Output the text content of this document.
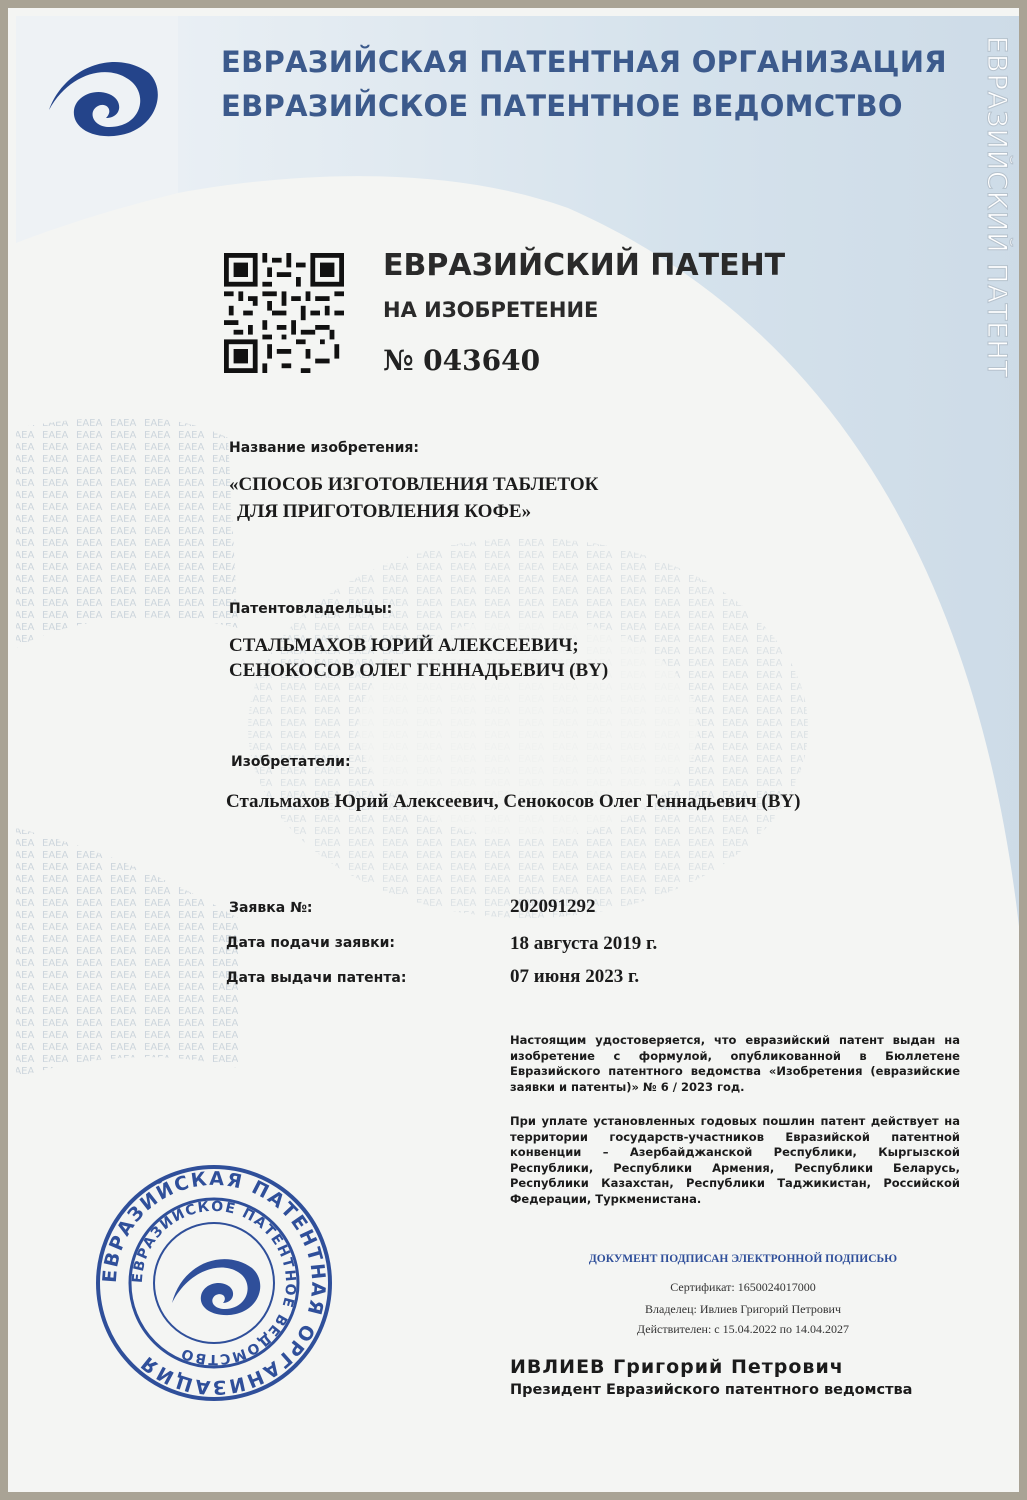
ЕВРАЗИЙСКАЯ ПАТЕНТНАЯ ОРГАНИЗАЦИЯ
ЕВРАЗИЙСКОЕ ПАТЕНТНОЕ ВЕДОМСТВО	ЕВРАЗИЙСКИЙ ПАТЕНТ
ЕВРАЗИЙСКИЙ ПАТЕНТ
НА ИЗОБРЕТЕНИЕ
№ 043640
Название изобретения:
«СПОСОБ ИЗГОТОВЛЕНИЯ ТАБЛЕТОК
ДЛЯ ПРИГОТОВЛЕНИЯ КОФЕ»
Патентовладельцы:
СТАЛЬМАХОВ ЮРИЙ АЛЕКСЕЕВИЧ;
СЕНОКОСОВ ОЛЕГ ГЕННАДЬЕВИЧ (BY)
Изобретатели:
Стальмахов Юрий Алексеевич, Сенокосов Олег Геннадьевич (BY)
Заявка №:	202091292
Дата подачи заявки:	18 августа 2019 г.
Дата выдачи патента:	07 июня 2023 г.
Настоящим удостоверяется, что евразийский патент выдан на изобретение с формулой, опубликованной в Бюллетене Евразийского патентного ведомства «Изобретения (евразийские заявки и патенты)» № 6 / 2023 год.
При уплате установленных годовых пошлин патент действует на территории государств-участников Евразийской патентной конвенции – Азербайджанской Республики, Кыргызской Республики, Республики Армения, Республики Беларусь, Республики Казахстан, Республики Таджикистан, Российской Федерации, Туркменистана.
ДОКУМЕНТ ПОДПИСАН ЭЛЕКТРОННОЙ ПОДПИСЬЮ
Сертификат: 1650024017000
Владелец: Ивлиев Григорий Петрович
Действителен: с 15.04.2022 по 14.04.2027
ИВЛИЕВ Григорий Петрович
Президент Евразийского патентного ведомства
ЕВРАЗИЙСКАЯ ПАТЕНТНАЯ ОРГАНИЗАЦИЯ
ЕВРАЗИЙСКОЕ ПАТЕНТНОЕ ВЕДОМСТВО
